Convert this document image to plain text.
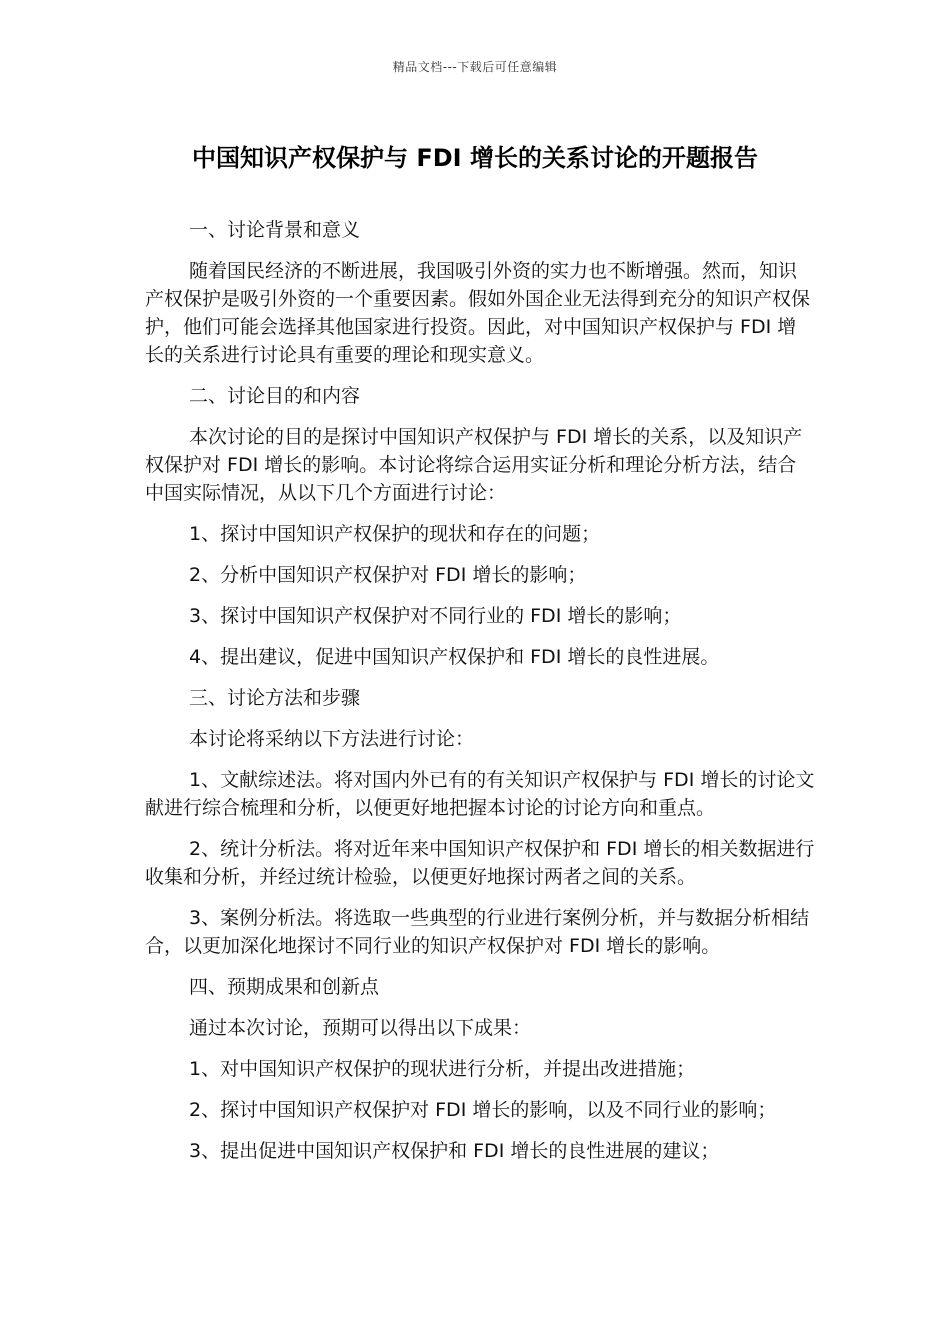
精品文档---下载后可任意编辑
中国知识产权保护与 FDI 增长的关系讨论的开题报告

一、讨论背景和意义

随着国民经济的不断进展，我国吸引外资的实力也不断增强。然而，知识产权保护是吸引外资的一个重要因素。假如外国企业无法得到充分的知识产权保护，他们可能会选择其他国家进行投资。因此，对中国知识产权保护与 FDI 增长的关系进行讨论具有重要的理论和现实意义。

二、讨论目的和内容

本次讨论的目的是探讨中国知识产权保护与 FDI 增长的关系，以及知识产权保护对 FDI 增长的影响。本讨论将综合运用实证分析和理论分析方法，结合中国实际情况，从以下几个方面进行讨论：

1、探讨中国知识产权保护的现状和存在的问题；

2、分析中国知识产权保护对 FDI 增长的影响；

3、探讨中国知识产权保护对不同行业的 FDI 增长的影响；

4、提出建议，促进中国知识产权保护和 FDI 增长的良性进展。

三、讨论方法和步骤

本讨论将采纳以下方法进行讨论：

1、文献综述法。将对国内外已有的有关知识产权保护与 FDI 增长的讨论文献进行综合梳理和分析，以便更好地把握本讨论的讨论方向和重点。

2、统计分析法。将对近年来中国知识产权保护和 FDI 增长的相关数据进行收集和分析，并经过统计检验，以便更好地探讨两者之间的关系。

3、案例分析法。将选取一些典型的行业进行案例分析，并与数据分析相结合，以更加深化地探讨不同行业的知识产权保护对 FDI 增长的影响。

四、预期成果和创新点

通过本次讨论，预期可以得出以下成果：

1、对中国知识产权保护的现状进行分析，并提出改进措施；

2、探讨中国知识产权保护对 FDI 增长的影响，以及不同行业的影响；

3、提出促进中国知识产权保护和 FDI 增长的良性进展的建议；
